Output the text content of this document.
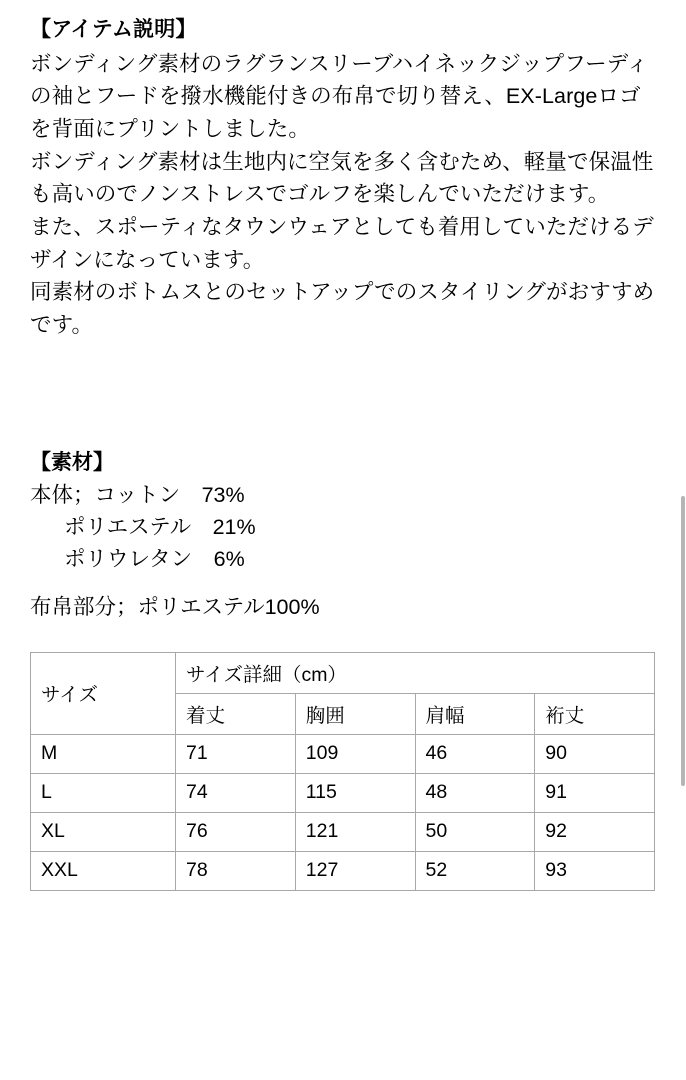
【アイテム説明】

ボンディング素材のラグランスリーブハイネックジップフーディの袖とフードを撥水機能付きの布帛で切り替え、EX-Largeロゴを背面にプリントしました。

ボンディング素材は生地内に空気を多く含むため、軽量で保温性も高いのでノンストレスでゴルフを楽しんでいただけます。

また、スポーティなタウンウェアとしても着用していただけるデザインになっています。

同素材のボトムスとのセットアップでのスタイリングがおすすめです。

【素材】

本体；コットン　73%

ポリエステル　21%

ポリウレタン　6%

布帛部分；ポリエステル100%

サイズ	サイズ詳細（cm）			
	着丈	胸囲	肩幅	裄丈
M	71	109	46	90
L	74	115	48	91
XL	76	121	50	92
XXL	78	127	52	93
